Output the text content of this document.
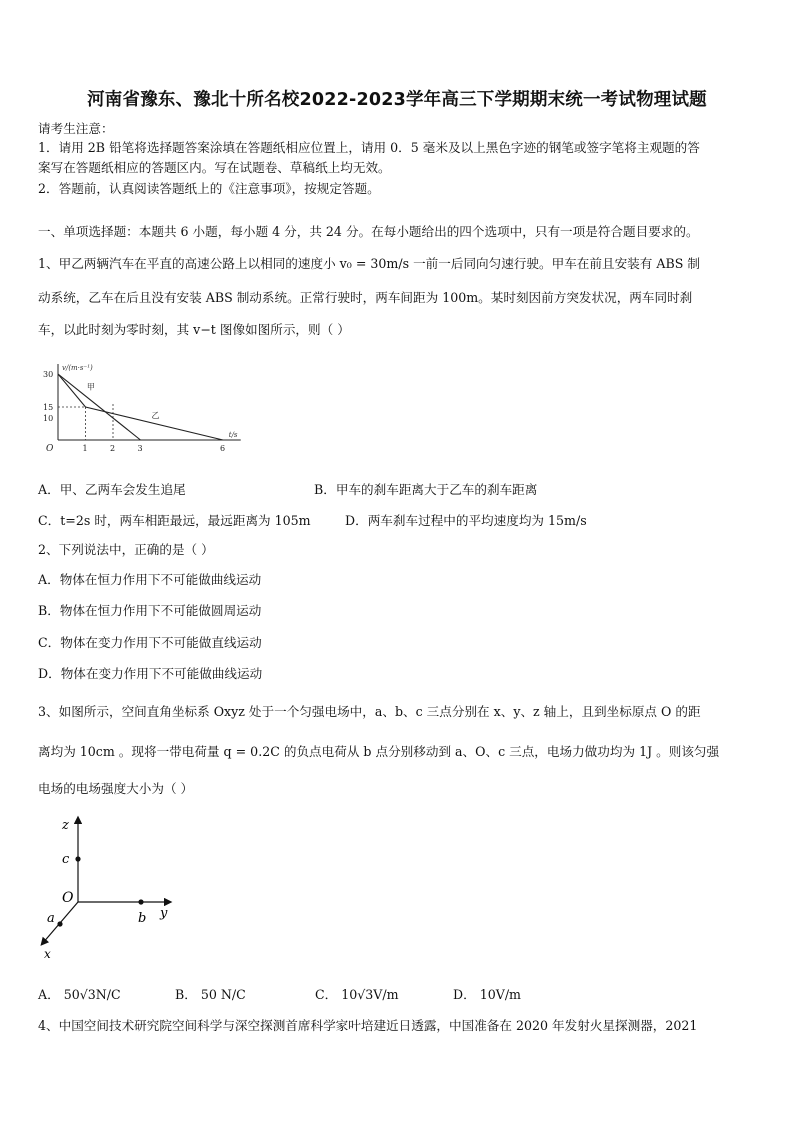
河南省豫东、豫北十所名校2022-2023学年高三下学期期末统一考试物理试题
请考生注意：
1．请用 2B 铅笔将选择题答案涂填在答题纸相应位置上，请用 0．5 毫米及以上黑色字迹的钢笔或签字笔将主观题的答
案写在答题纸相应的答题区内。写在试题卷、草稿纸上均无效。
2．答题前，认真阅读答题纸上的《注意事项》，按规定答题。
一、单项选择题：本题共 6 小题，每小题 4 分，共 24 分。在每小题给出的四个选项中，只有一项是符合题目要求的。
1、甲乙两辆汽车在平直的高速公路上以相同的速度小 v₀ = 30m/s 一前一后同向匀速行驶。甲车在前且安装有 ABS 制
动系统，乙车在后且没有安装 ABS 制动系统。正常行驶时，两车间距为 100m。某时刻因前方突发状况，两车同时刹
车，以此时刻为零时刻，其 v−t 图像如图所示，则（ ）
v/(m·s⁻¹)
t/s
O	1	2	3	6
30
15
10
甲
乙
A．甲、乙两车会发生追尾	B．甲车的刹车距离大于乙车的刹车距离
C．t=2s 时，两车相距最远，最远距离为 105m	D．两车刹车过程中的平均速度均为 15m/s
2、下列说法中，正确的是（ ）
A．物体在恒力作用下不可能做曲线运动
B．物体在恒力作用下不可能做圆周运动
C．物体在变力作用下不可能做直线运动
D．物体在变力作用下不可能做曲线运动
3、如图所示，空间直角坐标系 Oxyz 处于一个匀强电场中，a、b、c 三点分别在 x、y、z 轴上，且到坐标原点 O 的距
离均为 10cm 。现将一带电荷量 q = 0.2C 的负点电荷从 b 点分别移动到 a、O、c 三点，电场力做功均为 1J 。则该匀强
电场的电场强度大小为（ ）
z
c
O
a	b y
x
A． 50√3N/C	B． 50 N/C	C． 10√3V/m	D． 10V/m
4、中国空间技术研究院空间科学与深空探测首席科学家叶培建近日透露，中国准备在 2020 年发射火星探测器，2021
